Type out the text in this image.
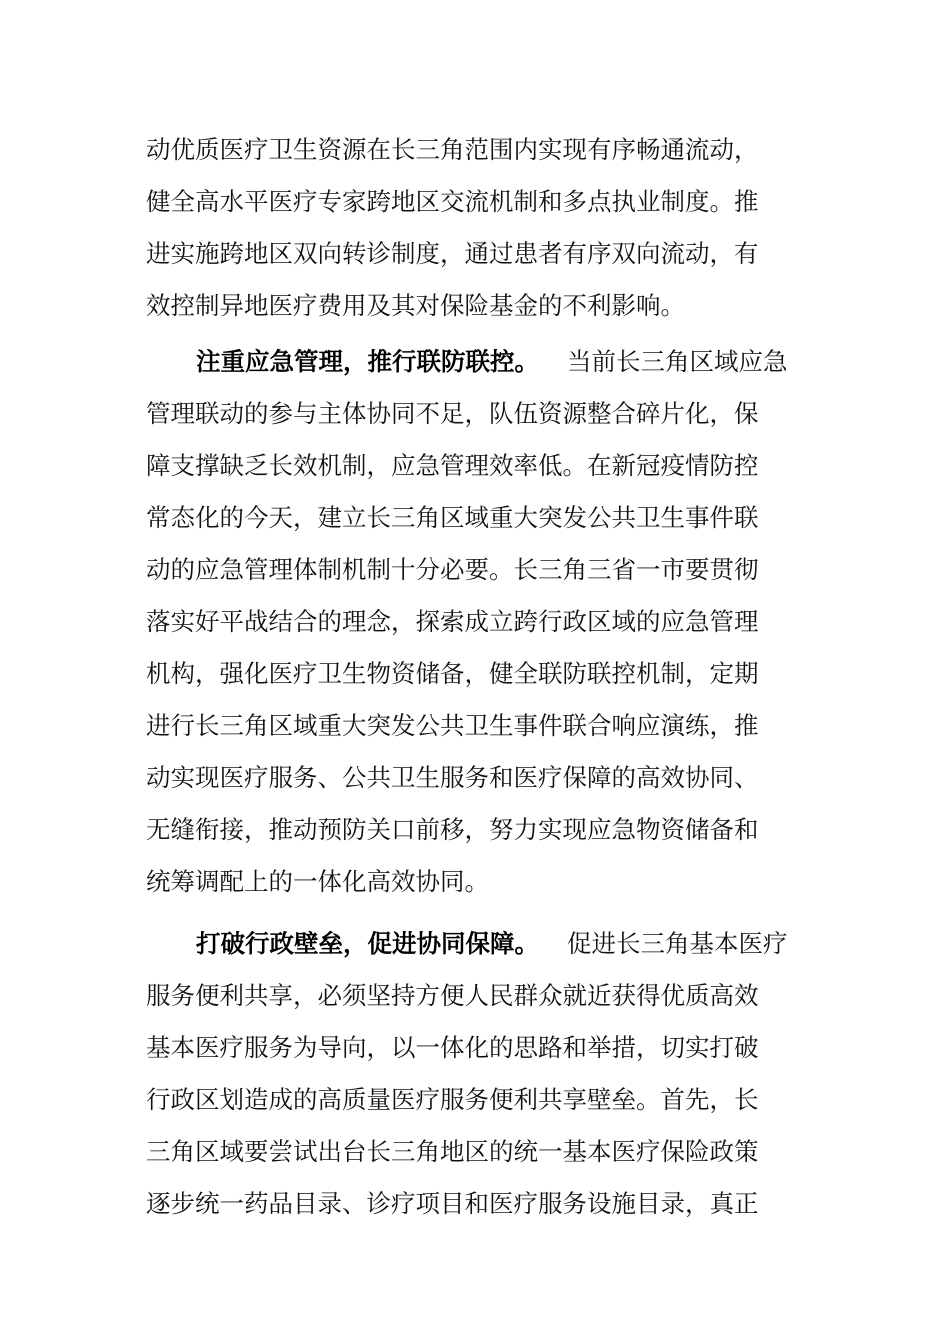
动优质医疗卫生资源在长三角范围内实现有序畅通流动，
健全高水平医疗专家跨地区交流机制和多点执业制度。推
进实施跨地区双向转诊制度，通过患者有序双向流动，有
效控制异地医疗费用及其对保险基金的不利影响。
注重应急管理，推行联防联控。 当前长三角区域应急
管理联动的参与主体协同不足，队伍资源整合碎片化，保
障支撑缺乏长效机制，应急管理效率低。在新冠疫情防控
常态化的今天，建立长三角区域重大突发公共卫生事件联
动的应急管理体制机制十分必要。长三角三省一市要贯彻
落实好平战结合的理念，探索成立跨行政区域的应急管理
机构，强化医疗卫生物资储备，健全联防联控机制，定期
进行长三角区域重大突发公共卫生事件联合响应演练，推
动实现医疗服务、公共卫生服务和医疗保障的高效协同、
无缝衔接，推动预防关口前移，努力实现应急物资储备和
统筹调配上的一体化高效协同。
打破行政壁垒，促进协同保障。 促进长三角基本医疗
服务便利共享，必须坚持方便人民群众就近获得优质高效
基本医疗服务为导向，以一体化的思路和举措，切实打破
行政区划造成的高质量医疗服务便利共享壁垒。首先，长
三角区域要尝试出台长三角地区的统一基本医疗保险政策
逐步统一药品目录、诊疗项目和医疗服务设施目录，真正
